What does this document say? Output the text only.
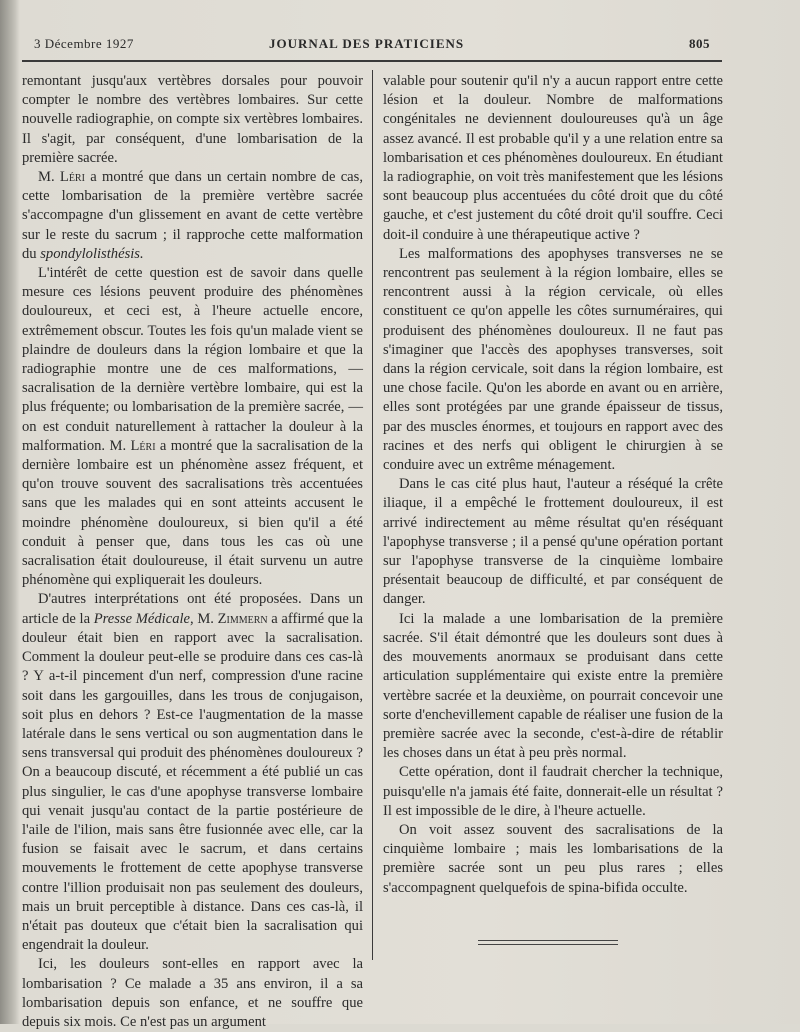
3 Décembre 1927	JOURNAL DES PRATICIENS	805

remontant jusqu'aux vertèbres dorsales pour pouvoir compter le nombre des vertèbres lombaires. Sur cette nouvelle radiographie, on compte six vertèbres lombaires. Il s'agit, par conséquent, d'une lombarisation de la première sacrée.

M. Léri a montré que dans un certain nombre de cas, cette lombarisation de la première vertèbre sacrée s'accompagne d'un glissement en avant de cette vertèbre sur le reste du sacrum ; il rapproche cette malformation du spondylolisthésis.

L'intérêt de cette question est de savoir dans quelle mesure ces lésions peuvent produire des phénomènes douloureux, et ceci est, à l'heure actuelle encore, extrêmement obscur. Toutes les fois qu'un malade vient se plaindre de douleurs dans la région lombaire et que la radiographie montre une de ces malformations, — sacralisation de la dernière vertèbre lombaire, qui est la plus fréquente; ou lombarisation de la première sacrée, — on est conduit naturellement à rattacher la douleur à la malformation. M. Léri a montré que la sacralisation de la dernière lombaire est un phénomène assez fréquent, et qu'on trouve souvent des sacralisations très accentuées sans que les malades qui en sont atteints accusent le moindre phénomène douloureux, si bien qu'il a été conduit à penser que, dans tous les cas où une sacralisation était douloureuse, il était survenu un autre phénomène qui expliquerait les douleurs.

D'autres interprétations ont été proposées. Dans un article de la Presse Médicale, M. Zimmern a affirmé que la douleur était bien en rapport avec la sacralisation. Comment la douleur peut-elle se produire dans ces cas-là ? Y a-t-il pincement d'un nerf, compression d'une racine soit dans les gargouilles, dans les trous de conjugaison, soit plus en dehors ? Est-ce l'augmentation de la masse latérale dans le sens vertical ou son augmentation dans le sens transversal qui produit des phénomènes douloureux ? On a beaucoup discuté, et récemment a été publié un cas plus singulier, le cas d'une apophyse transverse lombaire qui venait jusqu'au contact de la partie postérieure de l'aile de l'ilion, mais sans être fusionnée avec elle, car la fusion se faisait avec le sacrum, et dans certains mouvements le frottement de cette apophyse transverse contre l'illion produisait non pas seulement des douleurs, mais un bruit perceptible à distance. Dans ces cas-là, il n'était pas douteux que c'était bien la sacralisation qui engendrait la douleur.

Ici, les douleurs sont-elles en rapport avec la lombarisation ? Ce malade a 35 ans environ, il a sa lombarisation depuis son enfance, et ne souffre que depuis six mois. Ce n'est pas un argument

valable pour soutenir qu'il n'y a aucun rapport entre cette lésion et la douleur. Nombre de malformations congénitales ne deviennent douloureuses qu'à un âge assez avancé. Il est probable qu'il y a une relation entre sa lombarisation et ces phénomènes douloureux. En étudiant la radiographie, on voit très manifestement que les lésions sont beaucoup plus accentuées du côté droit que du côté gauche, et c'est justement du côté droit qu'il souffre. Ceci doit-il conduire à une thérapeutique active ?

Les malformations des apophyses transverses ne se rencontrent pas seulement à la région lombaire, elles se rencontrent aussi à la région cervicale, où elles constituent ce qu'on appelle les côtes surnuméraires, qui produisent des phénomènes douloureux. Il ne faut pas s'imaginer que l'accès des apophyses transverses, soit dans la région cervicale, soit dans la région lombaire, est une chose facile. Qu'on les aborde en avant ou en arrière, elles sont protégées par une grande épaisseur de tissus, par des muscles énormes, et toujours en rapport avec des racines et des nerfs qui obligent le chirurgien à se conduire avec un extrême ménagement.

Dans le cas cité plus haut, l'auteur a réséqué la crête iliaque, il a empêché le frottement douloureux, il est arrivé indirectement au même résultat qu'en réséquant l'apophyse transverse ; il a pensé qu'une opération portant sur l'apophyse transverse de la cinquième lombaire présentait beaucoup de difficulté, et par conséquent de danger.

Ici la malade a une lombarisation de la première sacrée. S'il était démontré que les douleurs sont dues à des mouvements anormaux se produisant dans cette articulation supplémentaire qui existe entre la première vertèbre sacrée et la deuxième, on pourrait concevoir une sorte d'enchevillement capable de réaliser une fusion de la première sacrée avec la seconde, c'est-à-dire de rétablir les choses dans un état à peu près normal.

Cette opération, dont il faudrait chercher la technique, puisqu'elle n'a jamais été faite, donnerait-elle un résultat ? Il est impossible de le dire, à l'heure actuelle.

On voit assez souvent des sacralisations de la cinquième lombaire ; mais les lombarisations de la première sacrée sont un peu plus rares ; elles s'accompagnent quelquefois de spina-bifida occulte.
